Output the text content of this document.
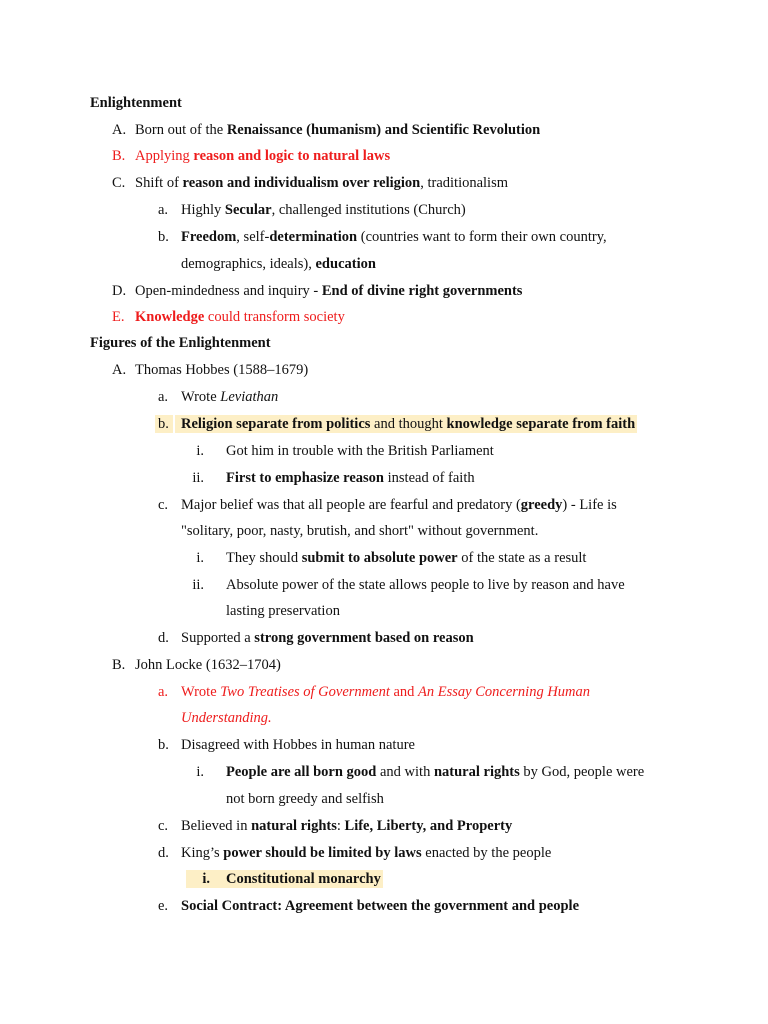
Enlightenment
A. Born out of the Renaissance (humanism) and Scientific Revolution
B. Applying reason and logic to natural laws
C. Shift of reason and individualism over religion, traditionalism
a. Highly Secular, challenged institutions (Church)
b. Freedom, self-determination (countries want to form their own country,
demographics, ideals), education
D. Open-mindedness and inquiry - End of divine right governments
E. Knowledge could transform society
Figures of the Enlightenment
A. Thomas Hobbes (1588–1679)
a. Wrote Leviathan
b. Religion separate from politics and thought knowledge separate from faith
i. Got him in trouble with the British Parliament
ii. First to emphasize reason instead of faith
c. Major belief was that all people are fearful and predatory (greedy) - Life is
"solitary, poor, nasty, brutish, and short" without government.
i. They should submit to absolute power of the state as a result
ii. Absolute power of the state allows people to live by reason and have
lasting preservation
d. Supported a strong government based on reason
B. John Locke (1632–1704)
a. Wrote Two Treatises of Government and An Essay Concerning Human
Understanding.
b. Disagreed with Hobbes in human nature
i. People are all born good and with natural rights by God, people were
not born greedy and selfish
c. Believed in natural rights: Life, Liberty, and Property
d. King’s power should be limited by laws enacted by the people
i.	Constitutional monarchy
e. Social Contract: Agreement between the government and people
